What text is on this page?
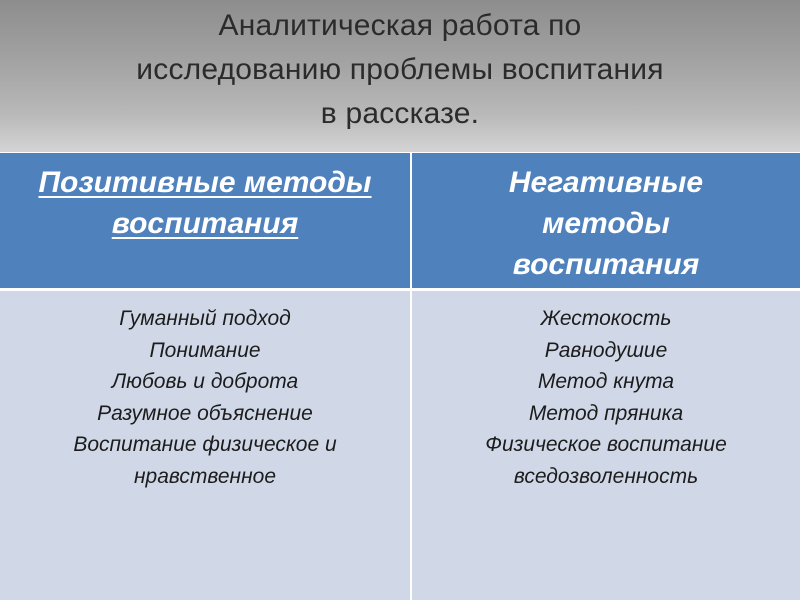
Аналитическая работа по
исследованию проблемы воспитания
в рассказе.
Позитивные методы
воспитания
Негативные
методы
воспитания
Гуманный подход
Понимание
Любовь и доброта
Разумное объяснение
Воспитание физическое и
нравственное
Жестокость
Равнодушие
Метод кнута
Метод пряника
Физическое воспитание
вседозволенность
